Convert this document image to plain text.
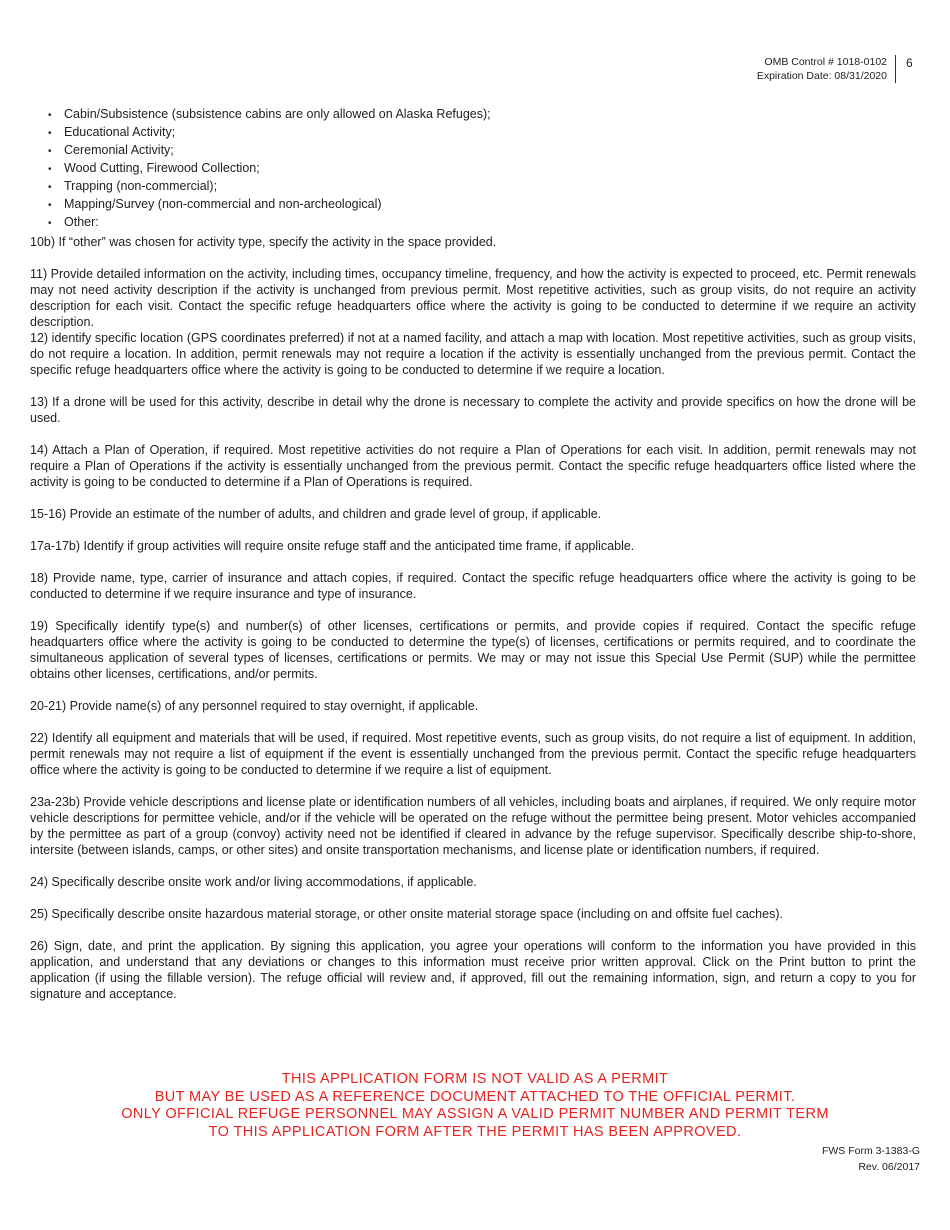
OMB Control # 1018-0102
Expiration Date: 08/31/2020
6
• Cabin/Subsistence (subsistence cabins are only allowed on Alaska Refuges);
• Educational Activity;
• Ceremonial Activity;
• Wood Cutting, Firewood Collection;
• Trapping (non-commercial);
• Mapping/Survey (non-commercial and non-archeological)
• Other:

10b) If “other” was chosen for activity type, specify the activity in the space provided.

11) Provide detailed information on the activity, including times, occupancy timeline, frequency, and how the activity is expected to proceed, etc. Permit renewals may not need activity description if the activity is unchanged from previous permit. Most repetitive activities, such as group visits, do not require an activity description for each visit. Contact the specific refuge headquarters office where the activity is going to be conducted to determine if we require an activity description.

12) identify specific location (GPS coordinates preferred) if not at a named facility, and attach a map with location. Most repetitive activities, such as group visits, do not require a location. In addition, permit renewals may not require a location if the activity is essentially unchanged from the previous permit. Contact the specific refuge headquarters office where the activity is going to be conducted to determine if we require a location.

13) If a drone will be used for this activity, describe in detail why the drone is necessary to complete the activity and provide specifics on how the drone will be used.

14) Attach a Plan of Operation, if required. Most repetitive activities do not require a Plan of Operations for each visit. In addition, permit renewals may not require a Plan of Operations if the activity is essentially unchanged from the previous permit. Contact the specific refuge headquarters office listed where the activity is going to be conducted to determine if a Plan of Operations is required.

15-16) Provide an estimate of the number of adults, and children and grade level of group, if applicable.

17a-17b) Identify if group activities will require onsite refuge staff and the anticipated time frame, if applicable.

18) Provide name, type, carrier of insurance and attach copies, if required. Contact the specific refuge headquarters office where the activity is going to be conducted to determine if we require insurance and type of insurance.

19) Specifically identify type(s) and number(s) of other licenses, certifications or permits, and provide copies if required. Contact the specific refuge headquarters office where the activity is going to be conducted to determine the type(s) of licenses, certifications or permits required, and to coordinate the simultaneous application of several types of licenses, certifications or permits. We may or may not issue this Special Use Permit (SUP) while the permittee obtains other licenses, certifications, and/or permits.

20-21) Provide name(s) of any personnel required to stay overnight, if applicable.

22) Identify all equipment and materials that will be used, if required. Most repetitive events, such as group visits, do not require a list of equipment. In addition, permit renewals may not require a list of equipment if the event is essentially unchanged from the previous permit. Contact the specific refuge headquarters office where the activity is going to be conducted to determine if we require a list of equipment.

23a-23b) Provide vehicle descriptions and license plate or identification numbers of all vehicles, including boats and airplanes, if required. We only require motor vehicle descriptions for permittee vehicle, and/or if the vehicle will be operated on the refuge without the permittee being present. Motor vehicles accompanied by the permittee as part of a group (convoy) activity need not be identified if cleared in advance by the refuge supervisor. Specifically describe ship-to-shore, intersite (between islands, camps, or other sites) and onsite transportation mechanisms, and license plate or identification numbers, if required.

24) Specifically describe onsite work and/or living accommodations, if applicable.

25) Specifically describe onsite hazardous material storage, or other onsite material storage space (including on and offsite fuel caches).

26) Sign, date, and print the application. By signing this application, you agree your operations will conform to the information you have provided in this application, and understand that any deviations or changes to this information must receive prior written approval. Click on the Print button to print the application (if using the fillable version). The refuge official will review and, if approved, fill out the remaining information, sign, and return a copy to you for signature and acceptance.

THIS APPLICATION FORM IS NOT VALID AS A PERMIT
BUT MAY BE USED AS A REFERENCE DOCUMENT ATTACHED TO THE OFFICIAL PERMIT.
ONLY OFFICIAL REFUGE PERSONNEL MAY ASSIGN A VALID PERMIT NUMBER AND PERMIT TERM
TO THIS APPLICATION FORM AFTER THE PERMIT HAS BEEN APPROVED.
FWS Form 3-1383-G
Rev. 06/2017
